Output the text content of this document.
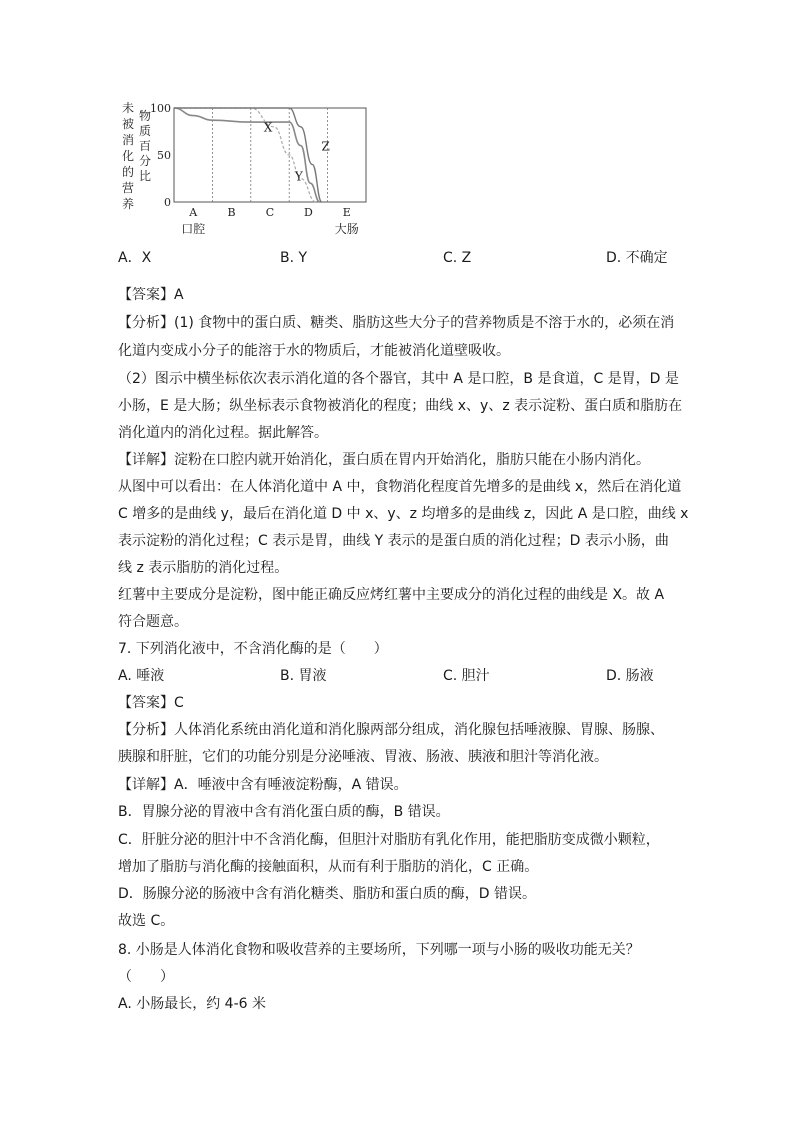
未
被
消
化
的
营
养
物
质
百
分
比
100
50
0
A
口腔
B	C	D	E
大肠
X
Y
Z
A．X	B. Y	C. Z	D. 不确定
【答案】A
【分析】(1) 食物中的蛋白质、糖类、脂肪这些大分子的营养物质是不溶于水的，必须在消
化道内变成小分子的能溶于水的物质后，才能被消化道壁吸收。
（2）图示中横坐标依次表示消化道的各个器官，其中 A 是口腔，B 是食道，C 是胃，D 是
小肠，E 是大肠；纵坐标表示食物被消化的程度；曲线 x、y、z 表示淀粉、蛋白质和脂肪在
消化道内的消化过程。据此解答。
【详解】淀粉在口腔内就开始消化，蛋白质在胃内开始消化，脂肪只能在小肠内消化。
从图中可以看出：在人体消化道中 A 中，食物消化程度首先增多的是曲线 x，然后在消化道
C 增多的是曲线 y，最后在消化道 D 中 x、y、z 均增多的是曲线 z，因此 A 是口腔，曲线 x
表示淀粉的消化过程；C 表示是胃，曲线 Y 表示的是蛋白质的消化过程；D 表示小肠，曲
线 z 表示脂肪的消化过程。
红薯中主要成分是淀粉，图中能正确反应烤红薯中主要成分的消化过程的曲线是 X。故 A
符合题意。
7. 下列消化液中，不含消化酶的是（　　）
A. 唾液	B. 胃液	C. 胆汁	D. 肠液
【答案】C
【分析】人体消化系统由消化道和消化腺两部分组成，消化腺包括唾液腺、胃腺、肠腺、
胰腺和肝脏，它们的功能分别是分泌唾液、胃液、肠液、胰液和胆汁等消化液。
【详解】A．唾液中含有唾液淀粉酶，A 错误。
B．胃腺分泌的胃液中含有消化蛋白质的酶，B 错误。
C．肝脏分泌的胆汁中不含消化酶，但胆汁对脂肪有乳化作用，能把脂肪变成微小颗粒，
增加了脂肪与消化酶的接触面积，从而有利于脂肪的消化，C 正确。
D．肠腺分泌的肠液中含有消化糖类、脂肪和蛋白质的酶，D 错误。
故选 C。
8. 小肠是人体消化食物和吸收营养的主要场所，下列哪一项与小肠的吸收功能无关？
（　　）
A. 小肠最长，约 4-6 米
